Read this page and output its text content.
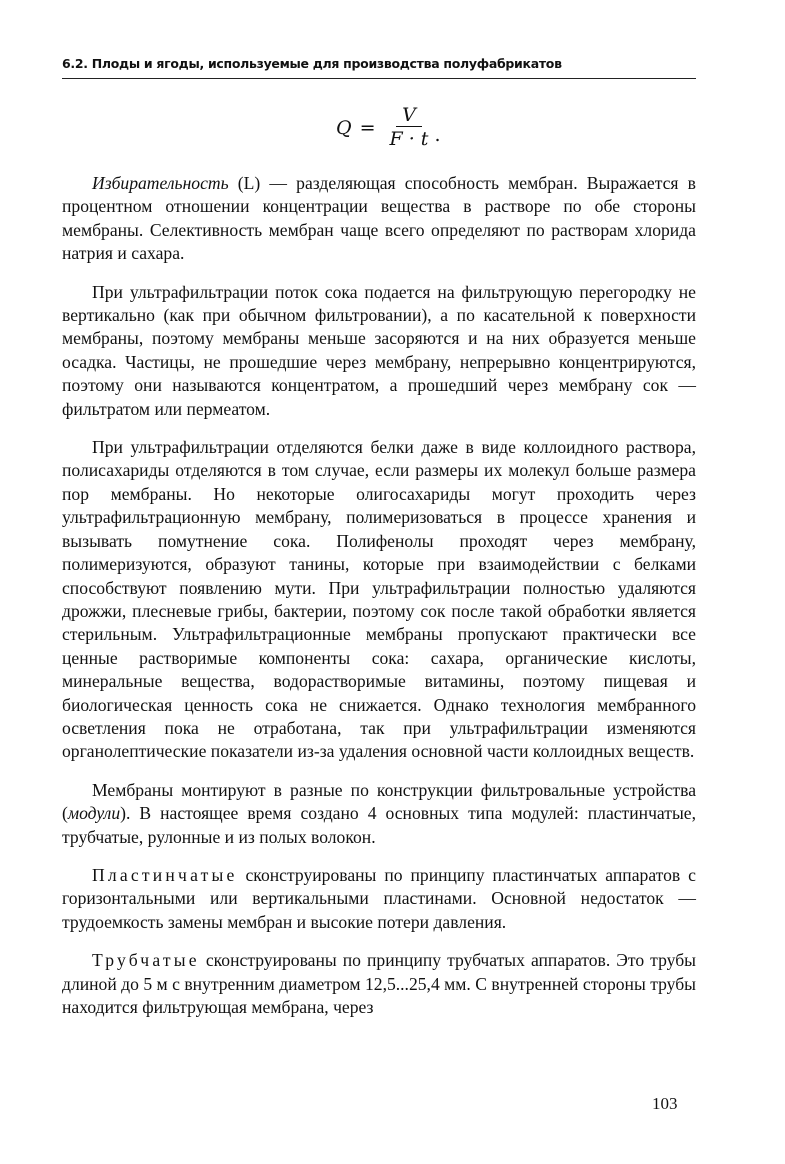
6.2. Плоды и ягоды, используемые для производства полуфабрикатов
$Q = \frac{V}{F \cdot t}$ .

Избирательность (L) — разделяющая способность мембран. Выражается в процентном отношении концентрации вещества в растворе по обе стороны мембраны. Селективность мембран чаще всего определяют по растворам хлорида натрия и сахара.

При ультрафильтрации поток сока подается на фильтрующую перегородку не вертикально (как при обычном фильтровании), а по касательной к поверхности мембраны, поэтому мембраны меньше засоряются и на них образуется меньше осадка. Частицы, не прошедшие через мембрану, непрерывно концентрируются, поэтому они называются концентратом, а прошедший через мембрану сок — фильтратом или пермеатом.

При ультрафильтрации отделяются белки даже в виде коллоидного раствора, полисахариды отделяются в том случае, если размеры их молекул больше размера пор мембраны. Но некоторые олигосахариды могут проходить через ультрафильтрационную мембрану, полимеризоваться в процессе хранения и вызывать помутнение сока. Полифенолы проходят через мембрану, полимеризуются, образуют танины, которые при взаимодействии с белками способствуют появлению мути. При ультрафильтрации полностью удаляются дрожжи, плесневые грибы, бактерии, поэтому сок после такой обработки является стерильным. Ультрафильтрационные мембраны пропускают практически все ценные растворимые компоненты сока: сахара, органические кислоты, минеральные вещества, водорастворимые витамины, поэтому пищевая и биологическая ценность сока не снижается. Однако технология мембранного осветления пока не отработана, так при ультрафильтрации изменяются органолептические показатели из-за удаления основной части коллоидных веществ.

Мембраны монтируют в разные по конструкции фильтровальные устройства (модули). В настоящее время создано 4 основных типа модулей: пластинчатые, трубчатые, рулонные и из полых волокон.

Пластинчатые сконструированы по принципу пластинчатых аппаратов с горизонтальными или вертикальными пластинами. Основной недостаток — трудоемкость замены мембран и высокие потери давления.

Трубчатые сконструированы по принципу трубчатых аппаратов. Это трубы длиной до 5 м с внутренним диаметром 12,5...25,4 мм. С внутренней стороны трубы находится фильтрующая мембрана, через

103
